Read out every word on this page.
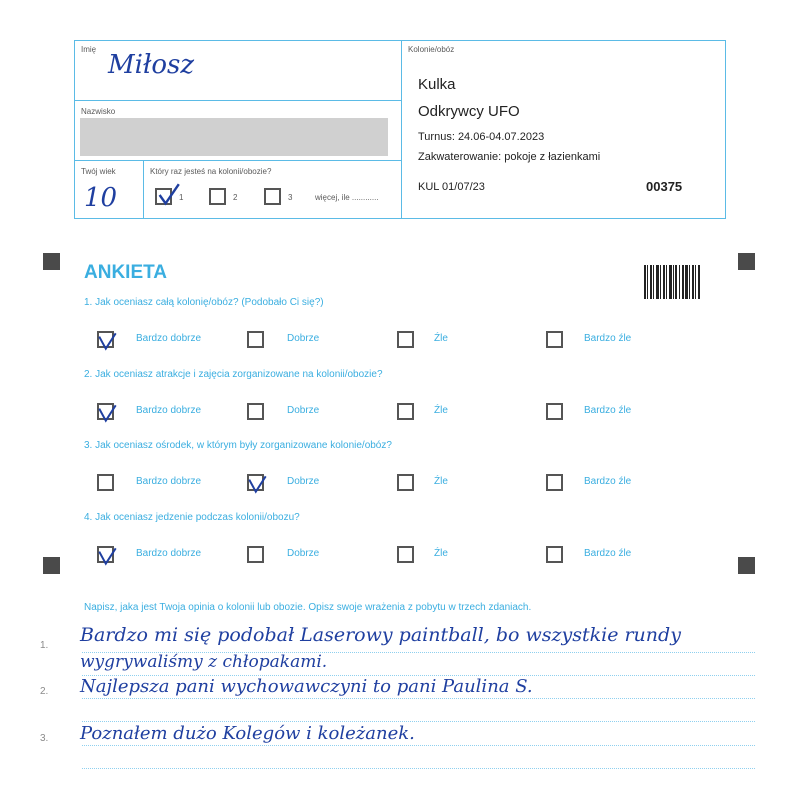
Imię
Miłosz
Nazwisko
Twój wiek
10
Który raz jesteś na kolonii/obozie?
1	2	3	więcej, ile ............
Kolonie/obóz
Kulka
Odkrywcy UFO
Turnus: 24.06-04.07.2023
Zakwaterowanie: pokoje z łazienkami
KUL 01/07/23	00375
ANKIETA
1. Jak oceniasz całą kolonię/obóz? (Podobało Ci się?)
Bardzo dobrze	Dobrze	Źle	Bardzo źle
2. Jak oceniasz atrakcje i zajęcia zorganizowane na kolonii/obozie?
Bardzo dobrze	Dobrze	Źle	Bardzo źle
3. Jak oceniasz ośrodek, w którym były zorganizowane kolonie/obóz?
Bardzo dobrze	Dobrze	Źle	Bardzo źle
4. Jak oceniasz jedzenie podczas kolonii/obozu?
Bardzo dobrze	Dobrze	Źle	Bardzo źle
Napisz, jaka jest Twoja opinia o kolonii lub obozie. Opisz swoje wrażenia z pobytu w trzech zdaniach.
1.
2.
3.
Bardzo mi się podobał Laserowy paintball, bo wszystkie rundy
wygrywaliśmy z chłopakami.
Najlepsza pani wychowawczyni to pani Paulina S.
Poznałem dużo Kolegów i koleżanek.
